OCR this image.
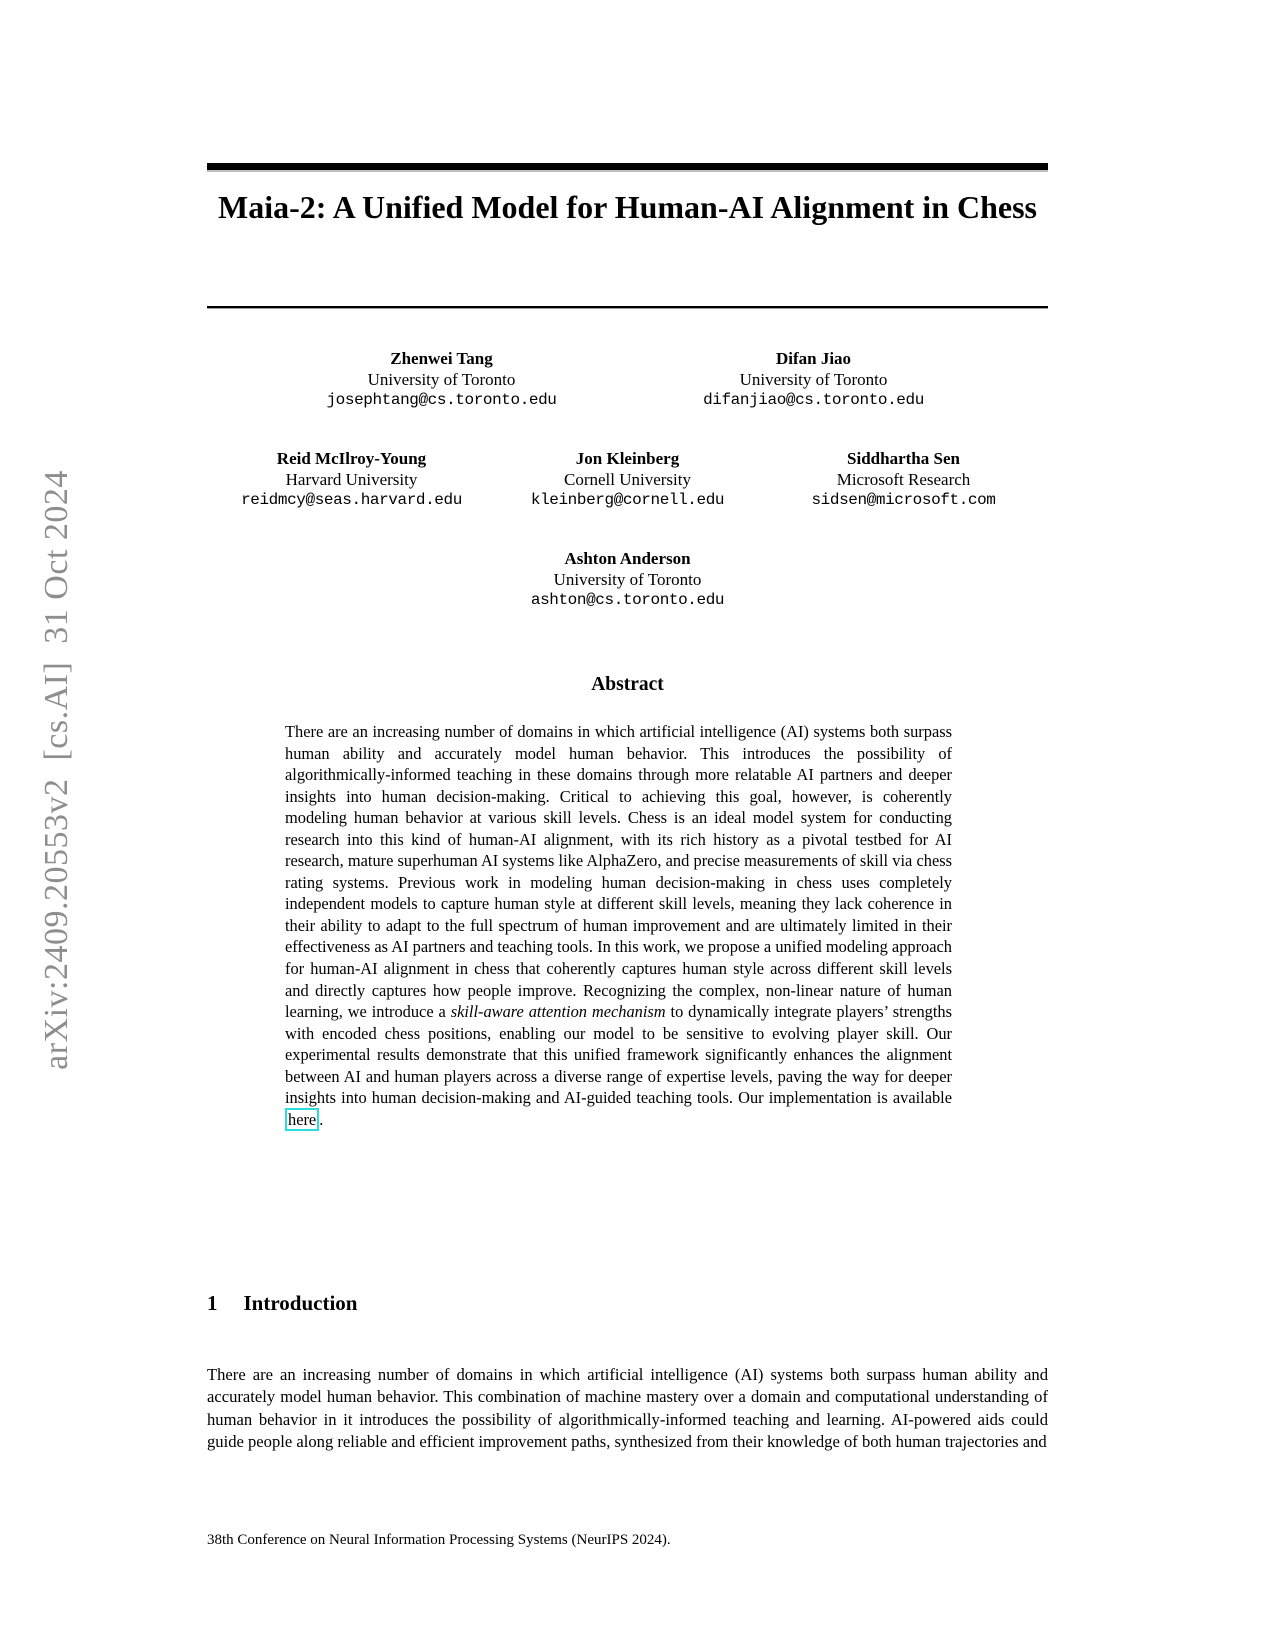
arXiv:2409.20553v2  [cs.AI]  31 Oct 2024
Maia-2: A Unified Model for Human-AI Alignment in Chess
Zhenwei Tang
University of Toronto
josephtang@cs.toronto.edu
Difan Jiao
University of Toronto
difanjiao@cs.toronto.edu
Reid McIlroy-Young
Harvard University
reidmcy@seas.harvard.edu
Jon Kleinberg
Cornell University
kleinberg@cornell.edu
Siddhartha Sen
Microsoft Research
sidsen@microsoft.com
Ashton Anderson
University of Toronto
ashton@cs.toronto.edu
Abstract
There are an increasing number of domains in which artificial intelligence (AI) systems both surpass human ability and accurately model human behavior. This introduces the possibility of algorithmically-informed teaching in these domains through more relatable AI partners and deeper insights into human decision-making. Critical to achieving this goal, however, is coherently modeling human behavior at various skill levels. Chess is an ideal model system for conducting research into this kind of human-AI alignment, with its rich history as a pivotal testbed for AI research, mature superhuman AI systems like AlphaZero, and precise measurements of skill via chess rating systems. Previous work in modeling human decision-making in chess uses completely independent models to capture human style at different skill levels, meaning they lack coherence in their ability to adapt to the full spectrum of human improvement and are ultimately limited in their effectiveness as AI partners and teaching tools. In this work, we propose a unified modeling approach for human-AI alignment in chess that coherently captures human style across different skill levels and directly captures how people improve. Recognizing the complex, non-linear nature of human learning, we introduce a skill-aware attention mechanism to dynamically integrate players’ strengths with encoded chess positions, enabling our model to be sensitive to evolving player skill. Our experimental results demonstrate that this unified framework significantly enhances the alignment between AI and human players across a diverse range of expertise levels, paving the way for deeper insights into human decision-making and AI-guided teaching tools. Our implementation is available here .
1 Introduction
There are an increasing number of domains in which artificial intelligence (AI) systems both surpass human ability and accurately model human behavior. This combination of machine mastery over a domain and computational understanding of human behavior in it introduces the possibility of algorithmically-informed teaching and learning. AI-powered aids could guide people along reliable and efficient improvement paths, synthesized from their knowledge of both human trajectories and
38th Conference on Neural Information Processing Systems (NeurIPS 2024).
